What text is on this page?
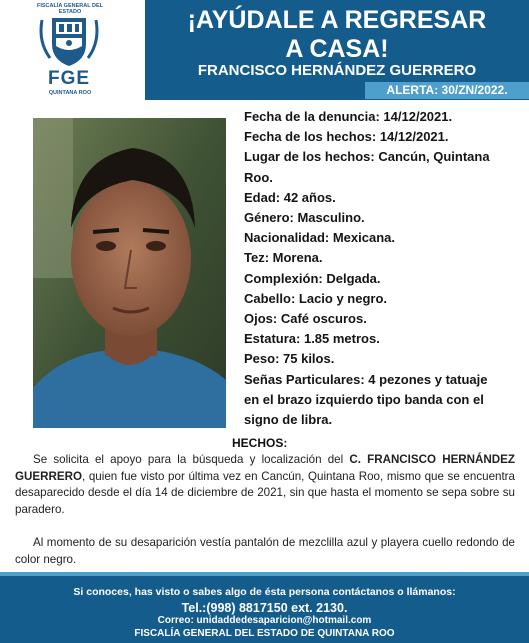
FISCALÍA GENERAL DEL ESTADO
FGE
QUINTANA ROO
¡AYÚDALE A REGRESAR
A CASA!
FRANCISCO HERNÁNDEZ GUERRERO
ALERTA: 30/ZN/2022.
Fecha de la denuncia: 14/12/2021.
Fecha de los hechos: 14/12/2021.
Lugar de los hechos: Cancún, Quintana
Roo.
Edad: 42 años.
Género: Masculino.
Nacionalidad: Mexicana.
Tez: Morena.
Complexión: Delgada.
Cabello: Lacio y negro.
Ojos: Café oscuros.
Estatura: 1.85 metros.
Peso: 75 kilos.
Señas Particulares: 4 pezones y tatuaje
en el brazo izquierdo tipo banda con el
signo de libra.
HECHOS:
Se solicita el apoyo para la búsqueda y localización del C. FRANCISCO HERNÁNDEZ GUERRERO, quien fue visto por última vez en Cancún, Quintana Roo, mismo que se encuentra desaparecido desde el día 14 de diciembre de 2021, sin que hasta el momento se sepa sobre su paradero.
Al momento de su desaparición vestía pantalón de mezclilla azul y playera cuello redondo de color negro.
Si conoces, has visto o sabes algo de ésta persona contáctanos o llámanos:
Tel.:(998) 8817150 ext. 2130.
Correo: unidaddedesaparicion@hotmail.com
FISCALÍA GENERAL DEL ESTADO DE QUINTANA ROO
